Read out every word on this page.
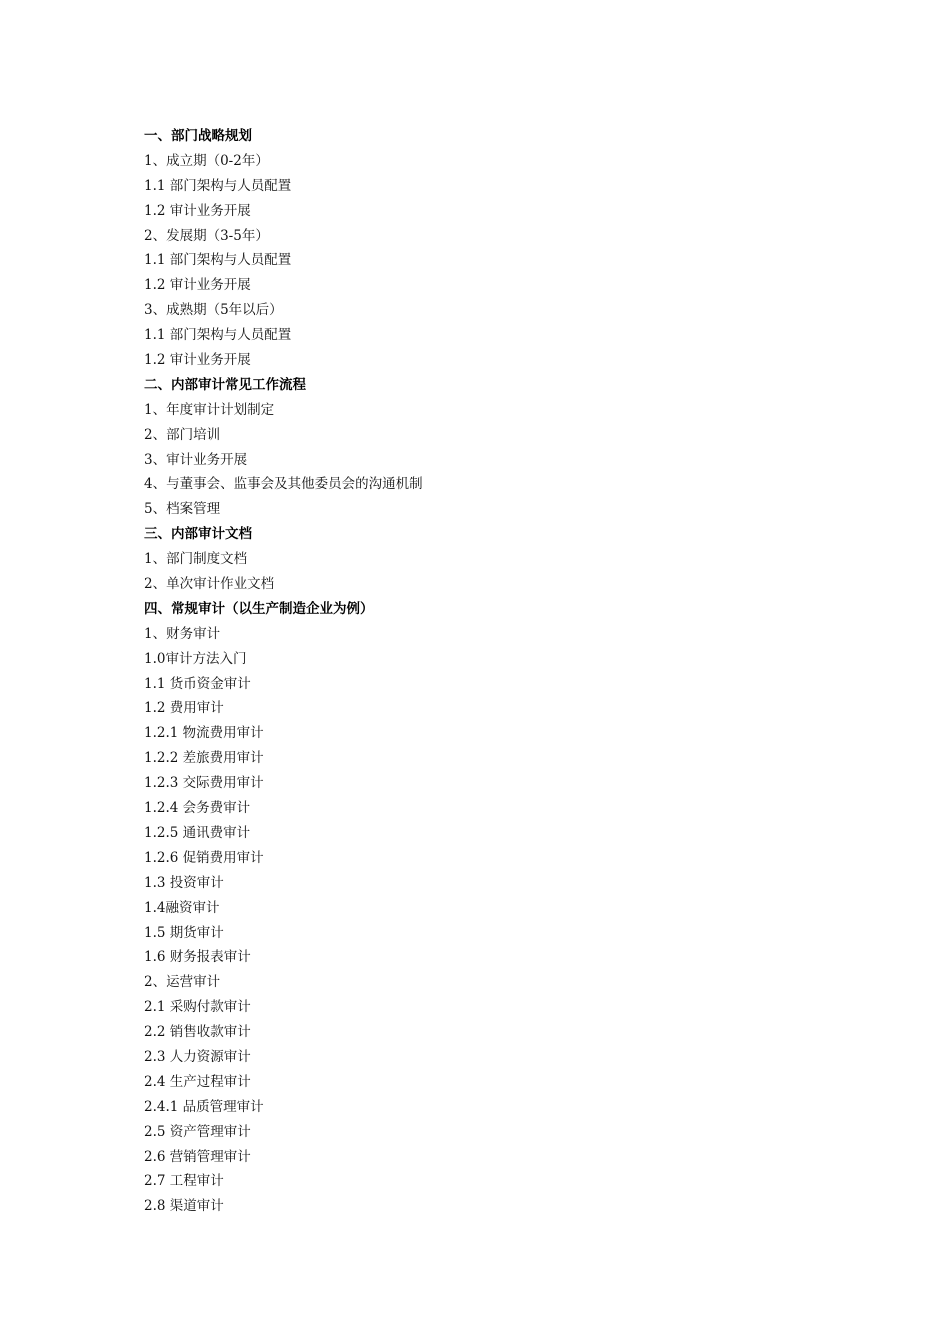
一、部门战略规划
1、成立期（0-2年）
1.1 部门架构与人员配置
1.2 审计业务开展
2、发展期（3-5年）
1.1 部门架构与人员配置
1.2 审计业务开展
3、成熟期（5年以后）
1.1 部门架构与人员配置
1.2 审计业务开展
二、内部审计常见工作流程
1、年度审计计划制定
2、部门培训
3、审计业务开展
4、与董事会、监事会及其他委员会的沟通机制
5、档案管理
三、内部审计文档
1、部门制度文档
2、单次审计作业文档
四、常规审计（以生产制造企业为例）
1、财务审计
1.0审计方法入门
1.1 货币资金审计
1.2 费用审计
1.2.1 物流费用审计
1.2.2 差旅费用审计
1.2.3 交际费用审计
1.2.4 会务费审计
1.2.5 通讯费审计
1.2.6 促销费用审计
1.3 投资审计
1.4融资审计
1.5 期货审计
1.6 财务报表审计
2、运营审计
2.1 采购付款审计
2.2 销售收款审计
2.3 人力资源审计
2.4 生产过程审计
2.4.1 品质管理审计
2.5 资产管理审计
2.6 营销管理审计
2.7 工程审计
2.8 渠道审计
